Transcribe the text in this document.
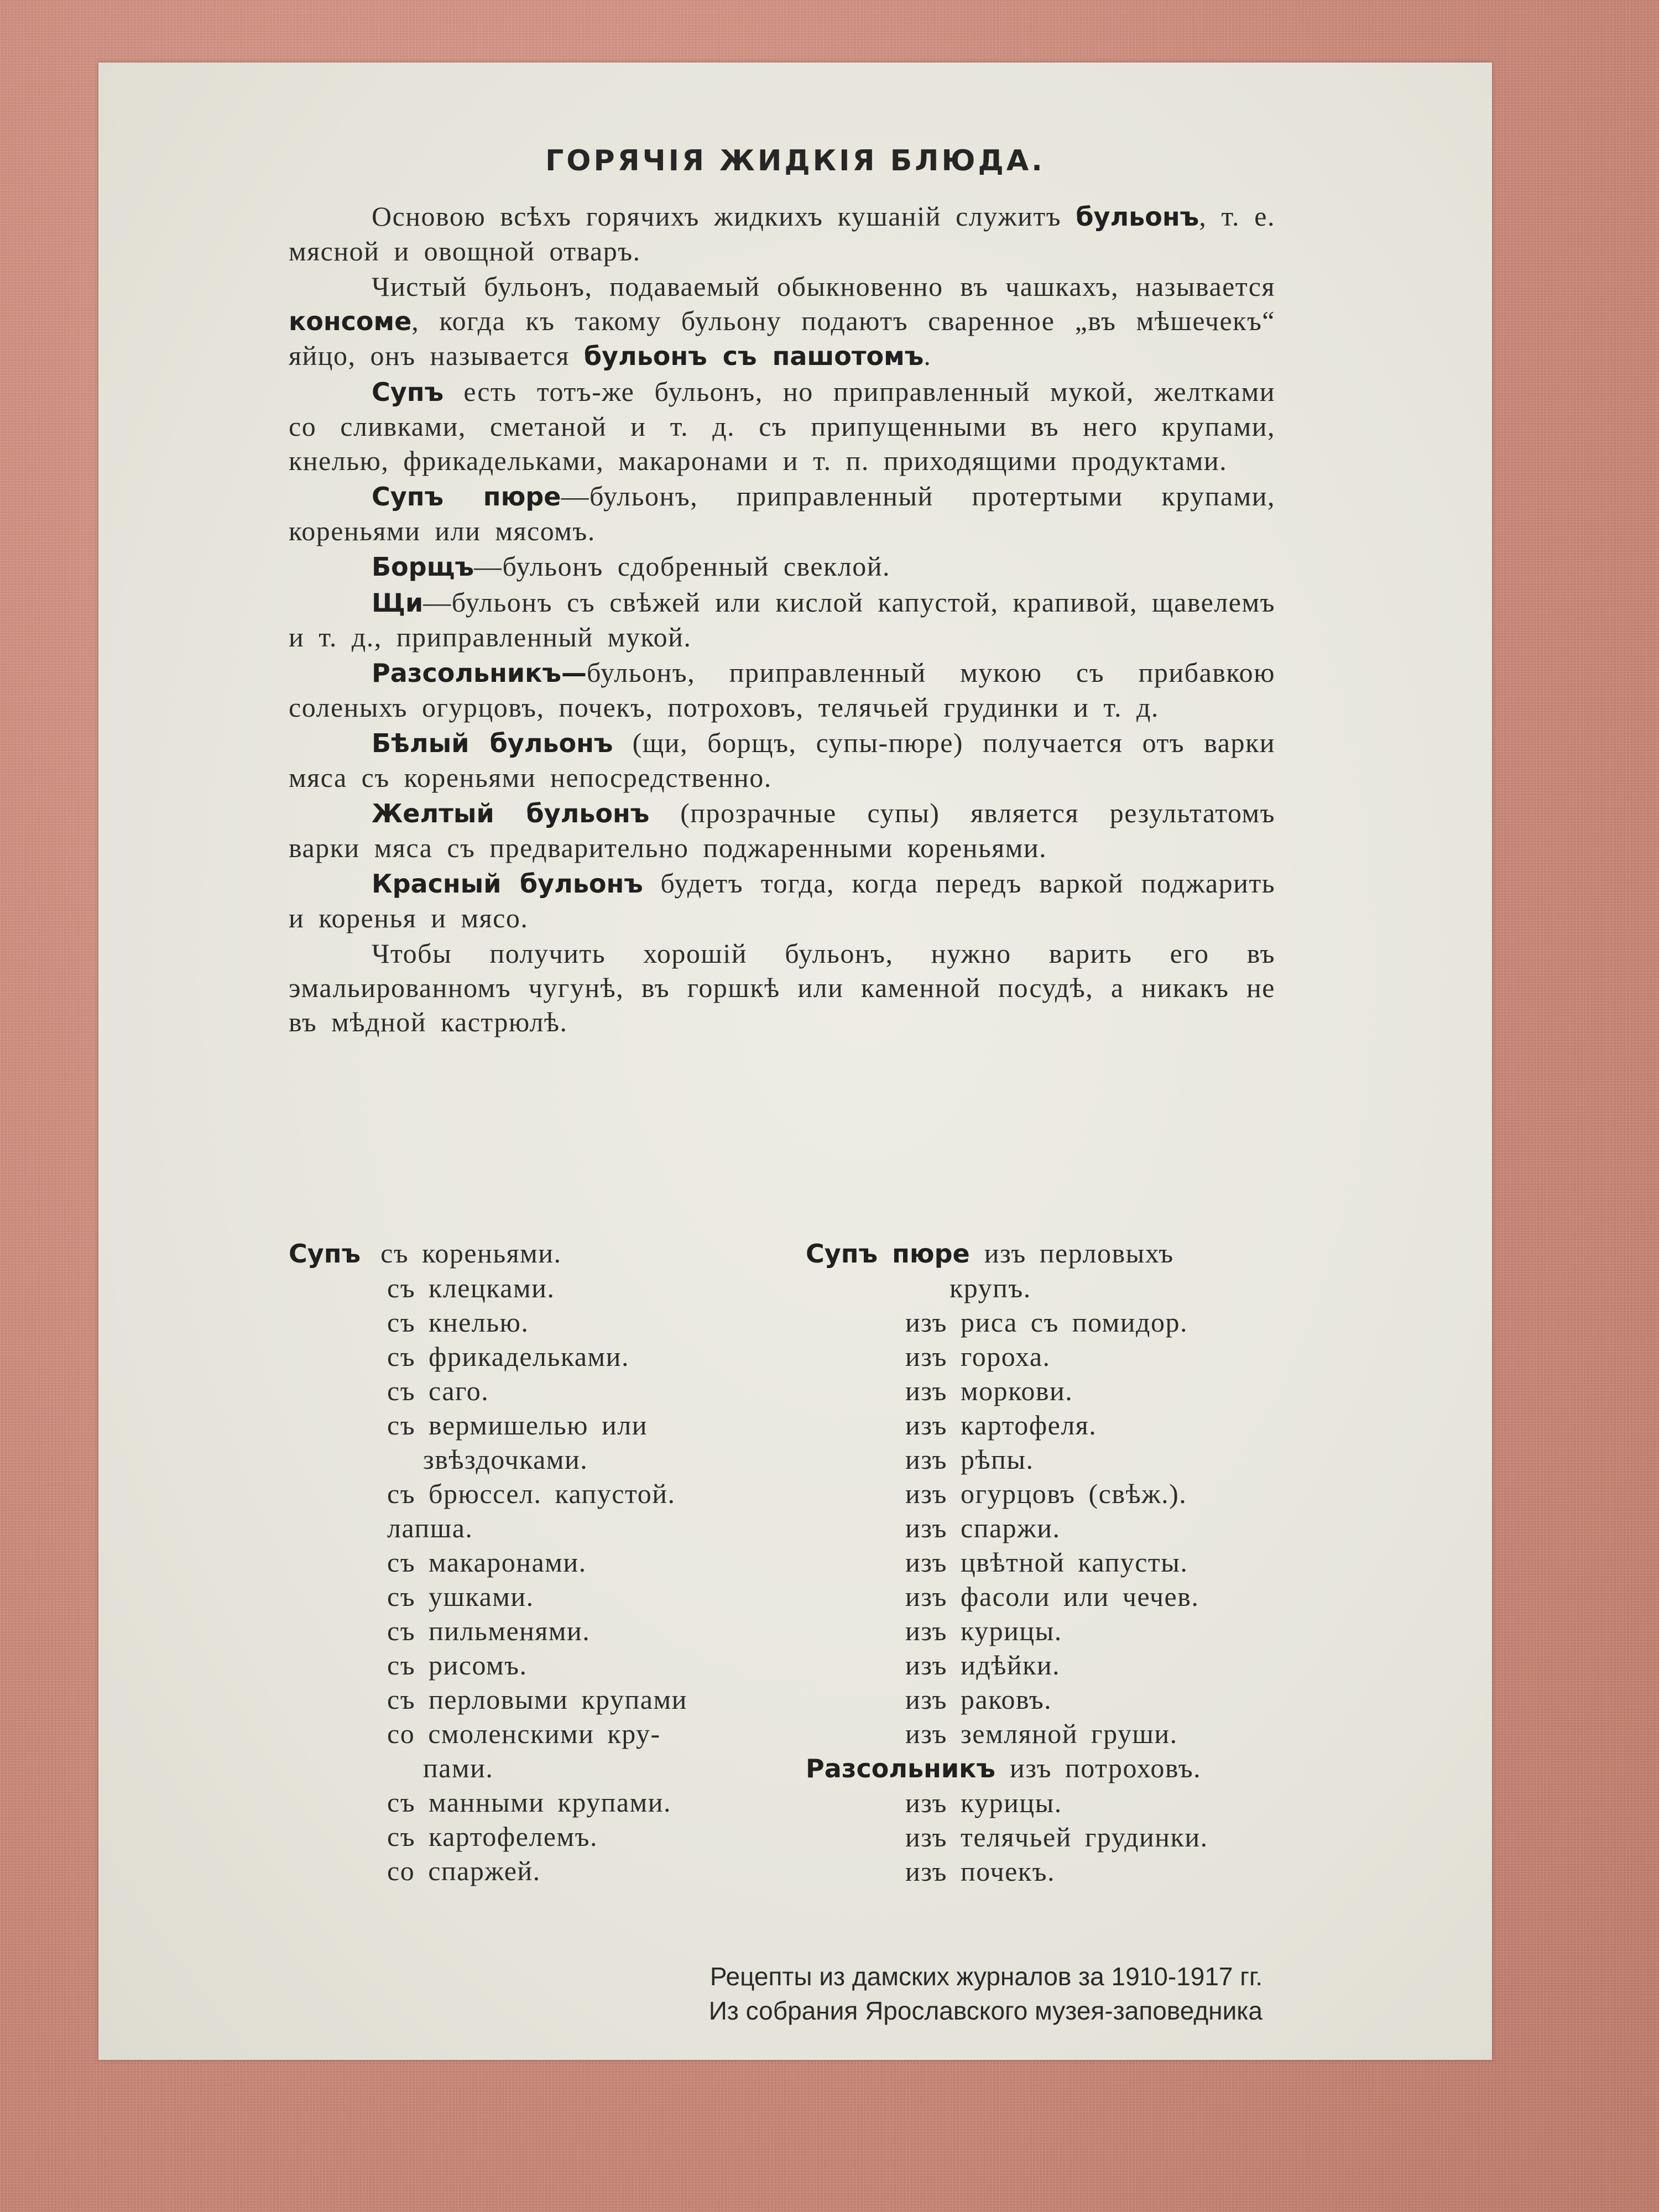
ГОРЯЧІЯ ЖИДКІЯ БЛЮДА.

Основою всѣхъ горячихъ жидкихъ кушаній служитъ бульонъ, т. е. мясной и овощной отваръ.

Чистый бульонъ, подаваемый обыкновенно въ чашкахъ, называется консоме, когда къ такому бульону подаютъ сваренное „въ мѣшечекъ“ яйцо, онъ называется бульонъ съ пашотомъ.

Супъ есть тотъ-же бульонъ, но приправленный мукой, желтками со сливками, сметаной и т. д. съ припущенными въ него крупами, кнелью, фрикадельками, макаронами и т. п. приходящими продуктами.

Супъ пюре—бульонъ, приправленный протертыми крупами, кореньями или мясомъ.

Борщъ—бульонъ сдобренный свеклой.

Щи—бульонъ съ свѣжей или кислой капустой, крапивой, щавелемъ и т. д., приправленный мукой.

Разсольникъ—бульонъ, приправленный мукою съ прибавкою соленыхъ огурцовъ, почекъ, потроховъ, телячьей грудинки и т. д.

Бѣлый бульонъ (щи, борщъ, супы-пюре) получается отъ варки мяса съ кореньями непосредственно.

Желтый бульонъ (прозрачные супы) является результатомъ варки мяса съ предварительно поджаренными кореньями.

Красный бульонъ будетъ тогда, когда передъ варкой поджарить и коренья и мясо.

Чтобы получить хорошій бульонъ, нужно варить его въ эмальированномъ чугунѣ, въ горшкѣ или каменной посудѣ, а никакъ не въ мѣдной кастрюлѣ.

Супъ съ кореньями.
съ клецками.
съ кнелью.
съ фрикадельками.
съ саго.
съ вермишелью или
звѣздочками.
съ брюссел. капустой.
лапша.
съ макаронами.
съ ушками.
съ пильменями.
съ рисомъ.
съ перловыми крупами
со смоленскими кру-
пами.
съ манными крупами.
съ картофелемъ.
со спаржей.
Супъ пюре изъ перловыхъ
крупъ.
изъ риса съ помидор.
изъ гороха.
изъ моркови.
изъ картофеля.
изъ рѣпы.
изъ огурцовъ (свѣж.).
изъ спаржи.
изъ цвѣтной капусты.
изъ фасоли или чечев.
изъ курицы.
изъ идѣйки.
изъ раковъ.
изъ земляной груши.
Разсольникъ изъ потроховъ.
изъ курицы.
изъ телячьей грудинки.
изъ почекъ.
Рецепты из дамских журналов за 1910-1917 гг.
Из собрания Ярославского музея-заповедника
